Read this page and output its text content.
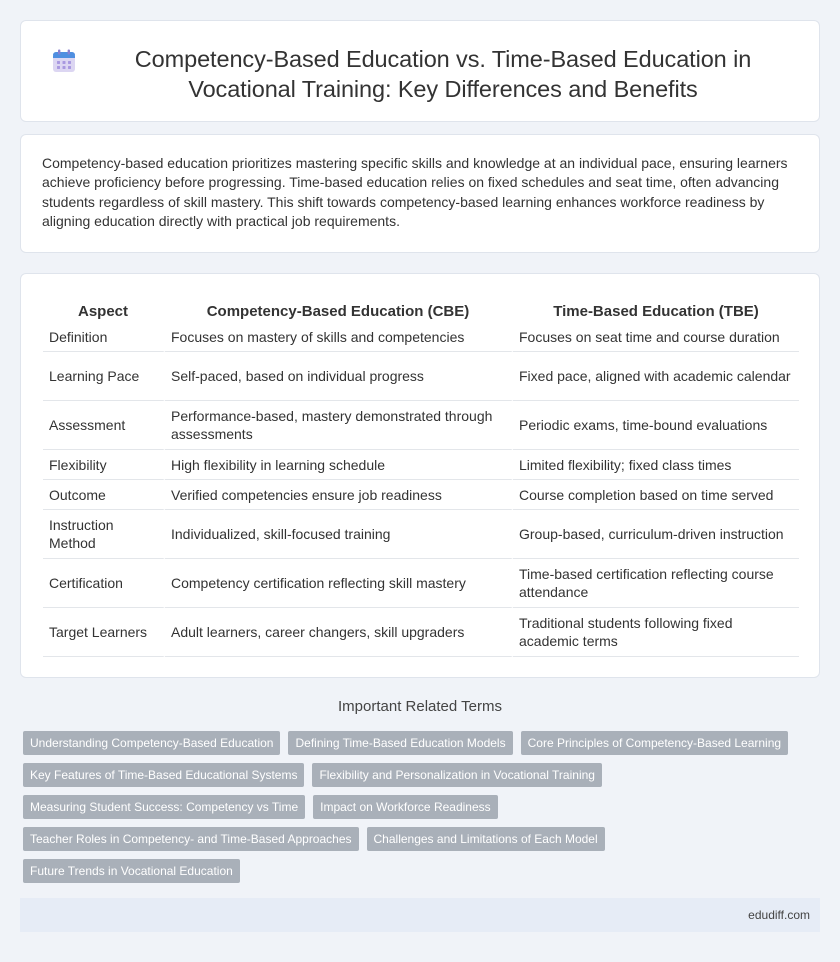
Competency-Based Education vs. Time-Based Education in Vocational Training: Key Differences and Benefits

Competency-based education prioritizes mastering specific skills and knowledge at an individual pace, ensuring learners achieve proficiency before progressing. Time-based education relies on fixed schedules and seat time, often advancing students regardless of skill mastery. This shift towards competency-based learning enhances workforce readiness by aligning education directly with practical job requirements.

Aspect	Competency-Based Education (CBE)	Time-Based Education (TBE)
Definition	Focuses on mastery of skills and competencies	Focuses on seat time and course duration
Learning Pace	Self-paced, based on individual progress	Fixed pace, aligned with academic calendar
Assessment	Performance-based, mastery demonstrated through assessments	Periodic exams, time-bound evaluations
Flexibility	High flexibility in learning schedule	Limited flexibility; fixed class times
Outcome	Verified competencies ensure job readiness	Course completion based on time served
Instruction Method	Individualized, skill-focused training	Group-based, curriculum-driven instruction
Certification	Competency certification reflecting skill mastery	Time-based certification reflecting course attendance
Target Learners	Adult learners, career changers, skill upgraders	Traditional students following fixed academic terms
Important Related Terms
Understanding Competency-Based Education	Defining Time-Based Education Models	Core Principles of Competency-Based Learning
Key Features of Time-Based Educational Systems	Flexibility and Personalization in Vocational Training
Measuring Student Success: Competency vs Time	Impact on Workforce Readiness
Teacher Roles in Competency- and Time-Based Approaches	Challenges and Limitations of Each Model
Future Trends in Vocational Education
edudiff.com
